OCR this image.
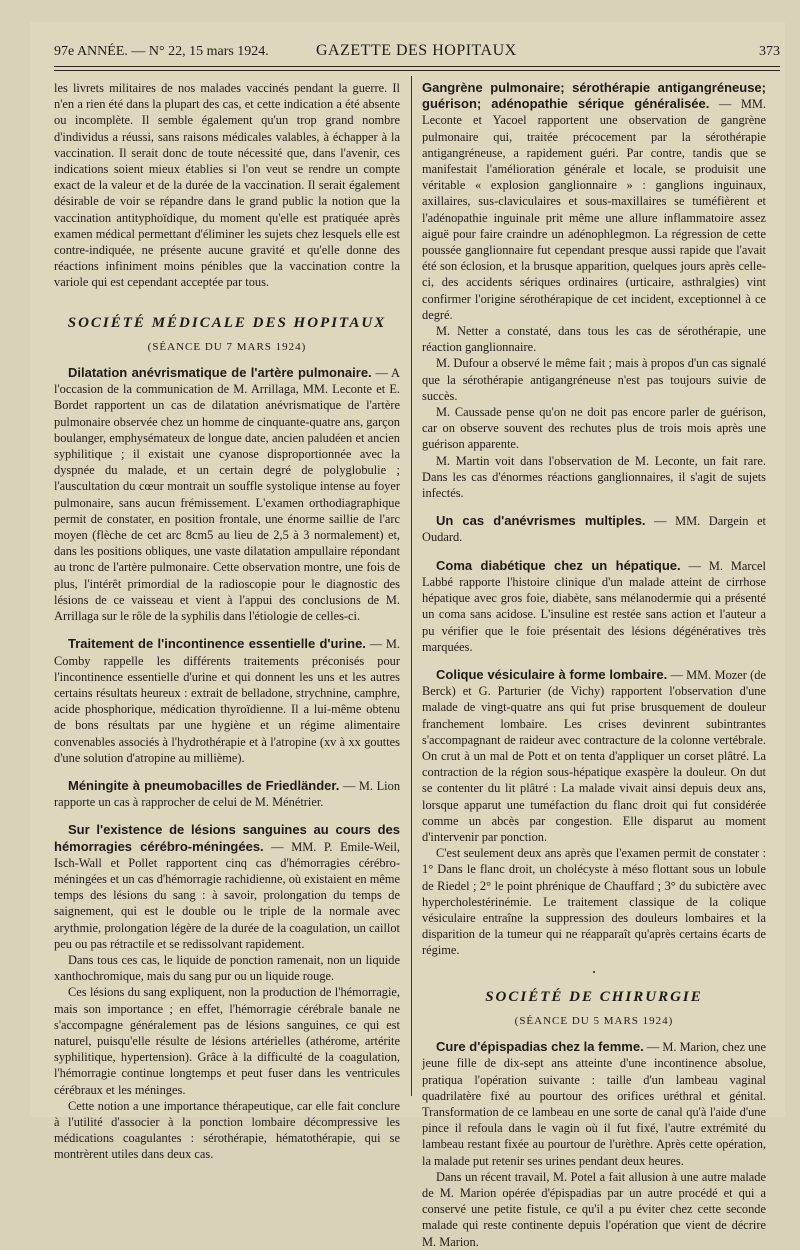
97e ANNÉE. — N° 22, 15 mars 1924.	GAZETTE DES HOPITAUX	373

les livrets militaires de nos malades vaccinés pendant la guerre. Il n'en a rien été dans la plupart des cas, et cette indication a été absente ou incomplète. Il semble également qu'un trop grand nombre d'individus a réussi, sans raisons médicales valables, à échapper à la vaccination. Il serait donc de toute nécessité que, dans l'avenir, ces indications soient mieux établies si l'on veut se rendre un compte exact de la valeur et de la durée de la vaccination. Il serait également désirable de voir se répandre dans le grand public la notion que la vaccination antityphoïdique, du moment qu'elle est pratiquée après examen médical permettant d'éliminer les sujets chez lesquels elle est contre-indiquée, ne présente aucune gravité et qu'elle donne des réactions infiniment moins pénibles que la vaccination contre la variole qui est cependant acceptée par tous.

SOCIÉTÉ MÉDICALE DES HOPITAUX
(SÉANCE DU 7 MARS 1924)

Dilatation anévrismatique de l'artère pulmonaire. — A l'occasion de la communication de M. Arrillaga, MM. Leconte et E. Bordet rapportent un cas de dilatation anévrismatique de l'artère pulmonaire observée chez un homme de cinquante-quatre ans, garçon boulanger, emphysémateux de longue date, ancien paludéen et ancien syphilitique ; il existait une cyanose disproportionnée avec la dyspnée du malade, et un certain degré de polyglobulie ; l'auscultation du cœur montrait un souffle systolique intense au foyer pulmonaire, sans aucun frémissement. L'examen orthodiagraphique permit de constater, en position frontale, une énorme saillie de l'arc moyen (flèche de cet arc 8cm5 au lieu de 2,5 à 3 normalement) et, dans les positions obliques, une vaste dilatation ampullaire répondant au tronc de l'artère pulmonaire. Cette observation montre, une fois de plus, l'intérêt primordial de la radioscopie pour le diagnostic des lésions de ce vaisseau et vient à l'appui des conclusions de M. Arrillaga sur le rôle de la syphilis dans l'étiologie de celles-ci.

Traitement de l'incontinence essentielle d'urine. — M. Comby rappelle les différents traitements préconisés pour l'incontinence essentielle d'urine et qui donnent les uns et les autres certains résultats heureux : extrait de belladone, strychnine, camphre, acide phosphorique, médication thyroïdienne. Il a lui-même obtenu de bons résultats par une hygiène et un régime alimentaire convenables associés à l'hydrothérapie et à l'atropine (xv à xx gouttes d'une solution d'atropine au millième).

Méningite à pneumobacilles de Friedländer. — M. Lion rapporte un cas à rapprocher de celui de M. Ménétrier.

Sur l'existence de lésions sanguines au cours des hémorragies cérébro-méningées. — MM. P. Emile-Weil, Isch-Wall et Pollet rapportent cinq cas d'hémorragies cérébro-méningées et un cas d'hémorragie rachidienne, où existaient en même temps des lésions du sang : à savoir, prolongation du temps de saignement, qui est le double ou le triple de la normale avec arythmie, prolongation légère de la durée de la coagulation, un caillot peu ou pas rétractile et se redissolvant rapidement.

Dans tous ces cas, le liquide de ponction ramenait, non un liquide xanthochromique, mais du sang pur ou un liquide rouge.

Ces lésions du sang expliquent, non la production de l'hémorragie, mais son importance ; en effet, l'hémorragie cérébrale banale ne s'accompagne généralement pas de lésions sanguines, ce qui est naturel, puisqu'elle résulte de lésions artérielles (athérome, artérite syphilitique, hypertension). Grâce à la difficulté de la coagulation, l'hémorragie continue longtemps et peut fuser dans les ventricules cérébraux et les méninges.

Cette notion a une importance thérapeutique, car elle fait conclure à l'utilité d'associer à la ponction lombaire décompressive les médications coagulantes : sérothérapie, hématothérapie, qui se montrèrent utiles dans deux cas.

Gangrène pulmonaire; sérothérapie antigangréneuse; guérison; adénopathie sérique généralisée. — MM. Leconte et Yacoel rapportent une observation de gangrène pulmonaire qui, traitée précocement par la sérothérapie antigangréneuse, a rapidement guéri. Par contre, tandis que se manifestait l'amélioration générale et locale, se produisit une véritable « explosion ganglionnaire » : ganglions inguinaux, axillaires, sus-claviculaires et sous-maxillaires se tuméfièrent et l'adénopathie inguinale prit même une allure inflammatoire assez aiguë pour faire craindre un adénophlegmon. La régression de cette poussée ganglionnaire fut cependant presque aussi rapide que l'avait été son éclosion, et la brusque apparition, quelques jours après celle-ci, des accidents sériques ordinaires (urticaire, asthralgies) vint confirmer l'origine sérothérapique de cet incident, exceptionnel à ce degré.

M. Netter a constaté, dans tous les cas de sérothérapie, une réaction ganglionnaire.

M. Dufour a observé le même fait ; mais à propos d'un cas signalé que la sérothérapie antigangréneuse n'est pas toujours suivie de succès.

M. Caussade pense qu'on ne doit pas encore parler de guérison, car on observe souvent des rechutes plus de trois mois après une guérison apparente.

M. Martin voit dans l'observation de M. Leconte, un fait rare. Dans les cas d'énormes réactions ganglionnaires, il s'agit de sujets infectés.

Un cas d'anévrismes multiples. — MM. Dargein et Oudard.

Coma diabétique chez un hépatique. — M. Marcel Labbé rapporte l'histoire clinique d'un malade atteint de cirrhose hépatique avec gros foie, diabète, sans mélanodermie qui a présenté un coma sans acidose. L'insuline est restée sans action et l'auteur a pu vérifier que le foie présentait des lésions dégénératives très marquées.

Colique vésiculaire à forme lombaire. — MM. Mozer (de Berck) et G. Parturier (de Vichy) rapportent l'observation d'une malade de vingt-quatre ans qui fut prise brusquement de douleur franchement lombaire. Les crises devinrent subintrantes s'accompagnant de raideur avec contracture de la colonne vertébrale. On crut à un mal de Pott et on tenta d'appliquer un corset plâtré. La contraction de la région sous-hépatique exaspère la douleur. On dut se contenter du lit plâtré : La malade vivait ainsi depuis deux ans, lorsque apparut une tuméfaction du flanc droit qui fut considérée comme un abcès par congestion. Elle disparut au moment d'intervenir par ponction.

C'est seulement deux ans après que l'examen permit de constater : 1° Dans le flanc droit, un cholécyste à méso flottant sous un lobule de Riedel ; 2° le point phrénique de Chauffard ; 3° du subictère avec hypercholestérinémie. Le traitement classique de la colique vésiculaire entraîne la suppression des douleurs lombaires et la disparition de la tumeur qui ne réapparaît qu'après certains écarts de régime.

•
SOCIÉTÉ DE CHIRURGIE
(SÉANCE DU 5 MARS 1924)

Cure d'épispadias chez la femme. — M. Marion, chez une jeune fille de dix-sept ans atteinte d'une incontinence absolue, pratiqua l'opération suivante : taille d'un lambeau vaginal quadrilatère fixé au pourtour des orifices uréthral et génital. Transformation de ce lambeau en une sorte de canal qu'à l'aide d'une pince il refoula dans le vagin où il fut fixé, l'autre extrémité du lambeau restant fixée au pourtour de l'urèthre. Après cette opération, la malade put retenir ses urines pendant deux heures.

Dans un récent travail, M. Potel a fait allusion à une autre malade de M. Marion opérée d'épispadias par un autre procédé et qui a conservé une petite fistule, ce qu'il a pu éviter chez cette seconde malade qui reste continente depuis l'opération que vient de décrire M. Marion.
